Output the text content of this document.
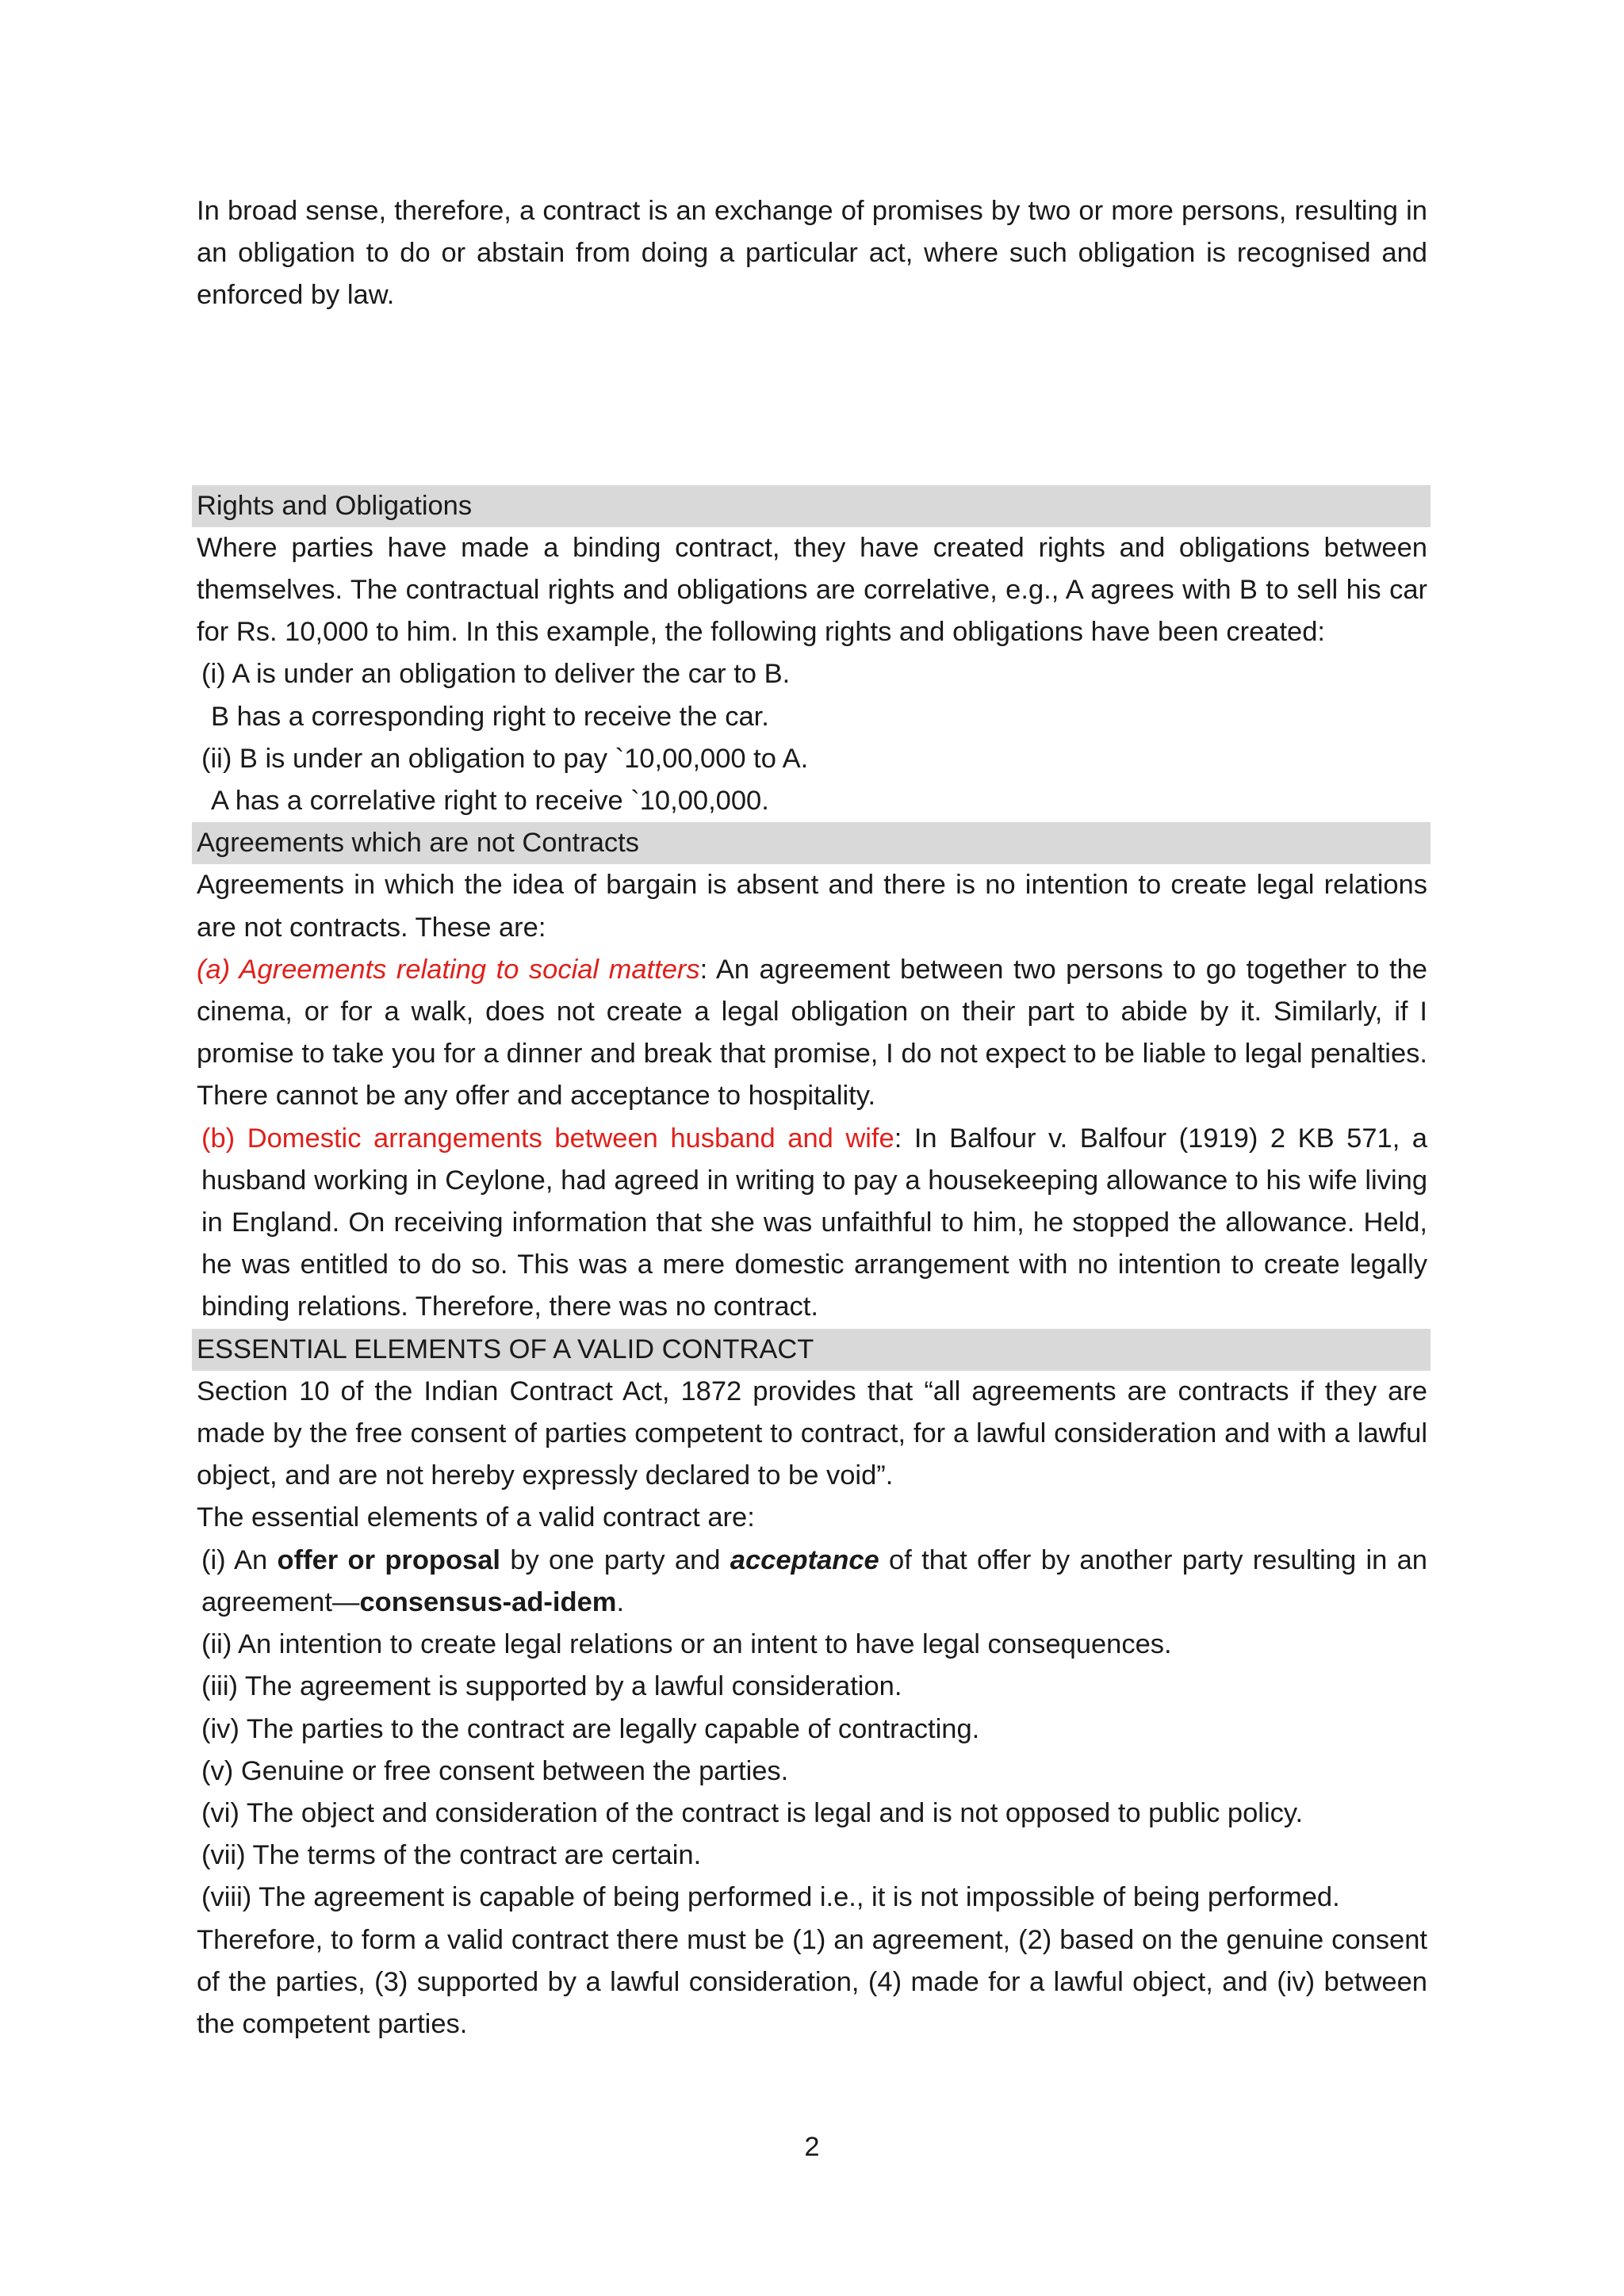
In broad sense, therefore, a contract is an exchange of promises by two or more persons, resulting in an obligation to do or abstain from doing a particular act, where such obligation is recognised and enforced by law.

Rights and Obligations

Where parties have made a binding contract, they have created rights and obligations between themselves. The contractual rights and obligations are correlative, e.g., A agrees with B to sell his car for Rs. 10,000 to him. In this example, the following rights and obligations have been created:

(i) A is under an obligation to deliver the car to B.

B has a corresponding right to receive the car.

(ii) B is under an obligation to pay `10,00,000 to A.

A has a correlative right to receive `10,00,000.

Agreements which are not Contracts

Agreements in which the idea of bargain is absent and there is no intention to create legal relations are not contracts. These are:

(a) Agreements relating to social matters: An agreement between two persons to go together to the cinema, or for a walk, does not create a legal obligation on their part to abide by it. Similarly, if I promise to take you for a dinner and break that promise, I do not expect to be liable to legal penalties. There cannot be any offer and acceptance to hospitality.

(b) Domestic arrangements between husband and wife: In Balfour v. Balfour (1919) 2 KB 571, a husband working in Ceylone, had agreed in writing to pay a housekeeping allowance to his wife living in England. On receiving information that she was unfaithful to him, he stopped the allowance. Held, he was entitled to do so. This was a mere domestic arrangement with no intention to create legally binding relations. Therefore, there was no contract.

ESSENTIAL ELEMENTS OF A VALID CONTRACT

Section 10 of the Indian Contract Act, 1872 provides that “all agreements are contracts if they are made by the free consent of parties competent to contract, for a lawful consideration and with a lawful object, and are not hereby expressly declared to be void”.

The essential elements of a valid contract are:

(i) An offer or proposal by one party and acceptance of that offer by another party resulting in an agreement—consensus-ad-idem.

(ii) An intention to create legal relations or an intent to have legal consequences.

(iii) The agreement is supported by a lawful consideration.

(iv) The parties to the contract are legally capable of contracting.

(v) Genuine or free consent between the parties.

(vi) The object and consideration of the contract is legal and is not opposed to public policy.

(vii) The terms of the contract are certain.

(viii) The agreement is capable of being performed i.e., it is not impossible of being performed.

Therefore, to form a valid contract there must be (1) an agreement, (2) based on the genuine consent of the parties, (3) supported by a lawful consideration, (4) made for a lawful object, and (iv) between the competent parties.

2
